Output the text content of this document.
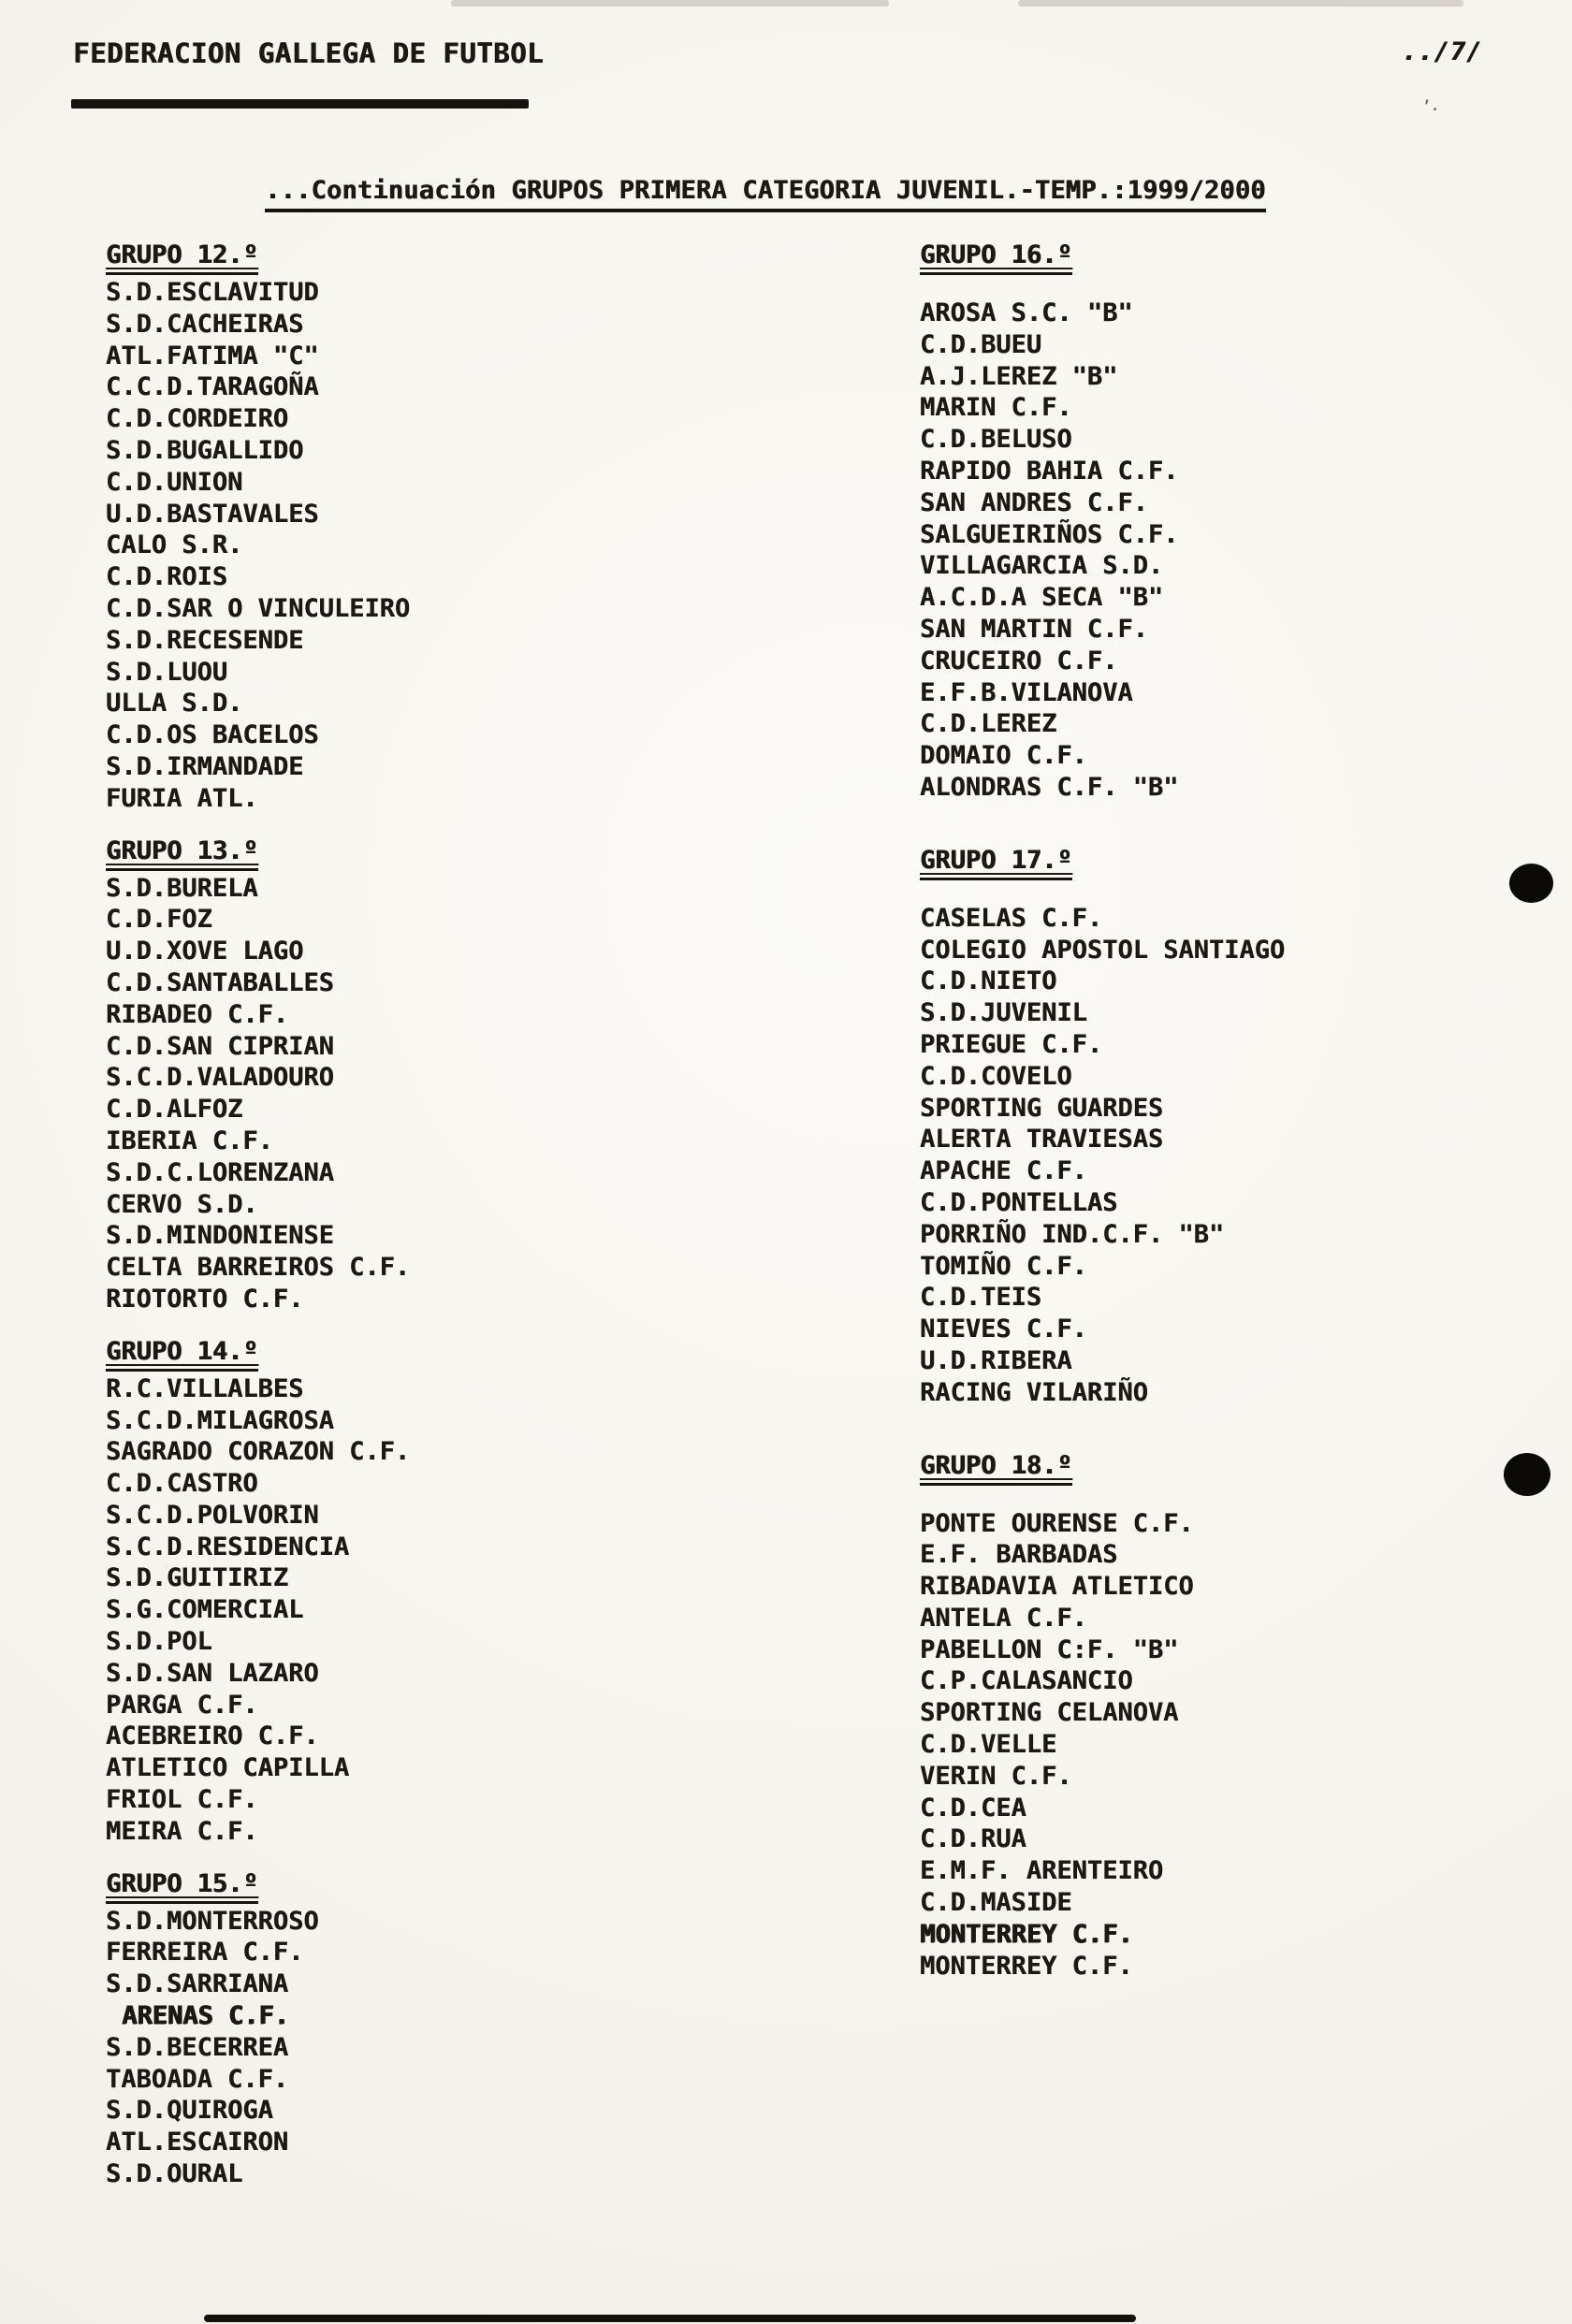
FEDERACION GALLEGA DE FUTBOL	../7/
’.
...Continuación GRUPOS PRIMERA CATEGORIA JUVENIL.-TEMP.:1999/2000
GRUPO 12.º
S.D.ESCLAVITUD
S.D.CACHEIRAS
ATL.FATIMA "C"
C.C.D.TARAGOÑA
C.D.CORDEIRO
S.D.BUGALLIDO
C.D.UNION
U.D.BASTAVALES
CALO S.R.
C.D.ROIS
C.D.SAR O VINCULEIRO
S.D.RECESENDE
S.D.LUOU
ULLA S.D.
C.D.OS BACELOS
S.D.IRMANDADE
FURIA ATL.
GRUPO 13.º
S.D.BURELA
C.D.FOZ
U.D.XOVE LAGO
C.D.SANTABALLES
RIBADEO C.F.
C.D.SAN CIPRIAN
S.C.D.VALADOURO
C.D.ALFOZ
IBERIA C.F.
S.D.C.LORENZANA
CERVO S.D.
S.D.MINDONIENSE
CELTA BARREIROS C.F.
RIOTORTO C.F.
GRUPO 14.º
R.C.VILLALBES
S.C.D.MILAGROSA
SAGRADO CORAZON C.F.
C.D.CASTRO
S.C.D.POLVORIN
S.C.D.RESIDENCIA
S.D.GUITIRIZ
S.G.COMERCIAL
S.D.POL
S.D.SAN LAZARO
PARGA C.F.
ACEBREIRO C.F.
ATLETICO CAPILLA
FRIOL C.F.
MEIRA C.F.
GRUPO 15.º
S.D.MONTERROSO
FERREIRA C.F.
S.D.SARRIANA
ARENAS C.F.
S.D.BECERREA
TABOADA C.F.
S.D.QUIROGA
ATL.ESCAIRON
S.D.OURAL
GRUPO 16.º
AROSA S.C. "B"
C.D.BUEU
A.J.LEREZ "B"
MARIN C.F.
C.D.BELUSO
RAPIDO BAHIA C.F.
SAN ANDRES C.F.
SALGUEIRIÑOS C.F.
VILLAGARCIA S.D.
A.C.D.A SECA "B"
SAN MARTIN C.F.
CRUCEIRO C.F.
E.F.B.VILANOVA
C.D.LEREZ
DOMAIO C.F.
ALONDRAS C.F. "B"
GRUPO 17.º
CASELAS C.F.
COLEGIO APOSTOL SANTIAGO
C.D.NIETO
S.D.JUVENIL
PRIEGUE C.F.
C.D.COVELO
SPORTING GUARDES
ALERTA TRAVIESAS
APACHE C.F.
C.D.PONTELLAS
PORRIÑO IND.C.F. "B"
TOMIÑO C.F.
C.D.TEIS
NIEVES C.F.
U.D.RIBERA
RACING VILARIÑO
GRUPO 18.º
PONTE OURENSE C.F.
E.F. BARBADAS
RIBADAVIA ATLETICO
ANTELA C.F.
PABELLON C:F. "B"
C.P.CALASANCIO
SPORTING CELANOVA
C.D.VELLE
VERIN C.F.
C.D.CEA
C.D.RUA
E.M.F. ARENTEIRO
C.D.MASIDE
MONTERREY C.F.
MONTERREY C.F.
